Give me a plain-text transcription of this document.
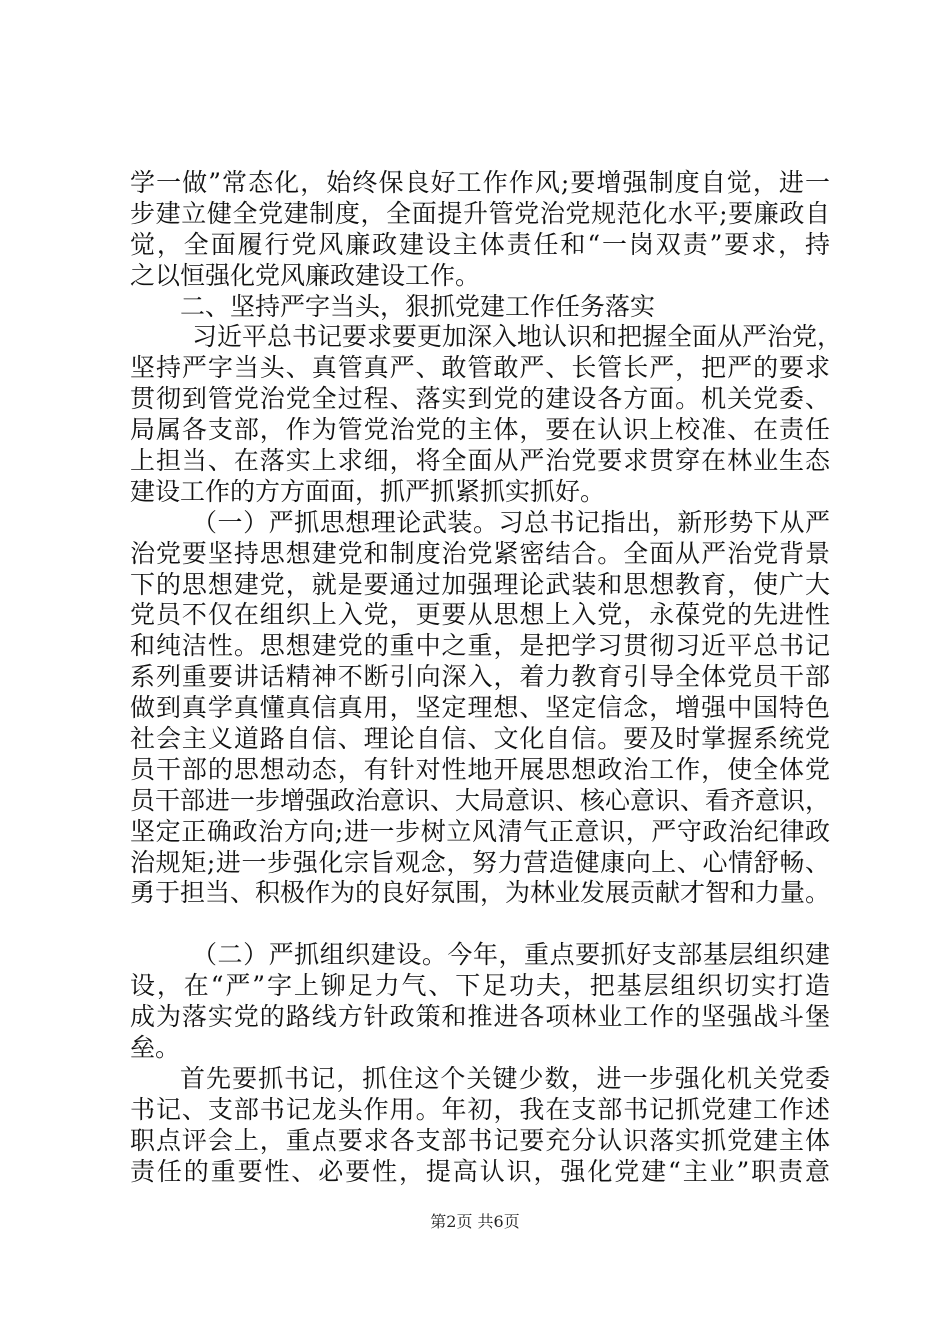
学一做”常态化，始终保良好工作作风;要增强制度自觉，进一
步建立健全党建制度，全面提升管党治党规范化水平;要廉政自
觉，全面履行党风廉政建设主体责任和“一岗双责”要求，持
之以恒强化党风廉政建设工作。
二、坚持严字当头，狠抓党建工作任务落实
习近平总书记要求要更加深入地认识和把握全面从严治党，
坚持严字当头、真管真严、敢管敢严、长管长严，把严的要求
贯彻到管党治党全过程、落实到党的建设各方面。机关党委、
局属各支部，作为管党治党的主体，要在认识上校准、在责任
上担当、在落实上求细，将全面从严治党要求贯穿在林业生态
建设工作的方方面面，抓严抓紧抓实抓好。
（一）严抓思想理论武装。习总书记指出，新形势下从严
治党要坚持思想建党和制度治党紧密结合。全面从严治党背景
下的思想建党，就是要通过加强理论武装和思想教育，使广大
党员不仅在组织上入党，更要从思想上入党，永葆党的先进性
和纯洁性。思想建党的重中之重，是把学习贯彻习近平总书记
系列重要讲话精神不断引向深入，着力教育引导全体党员干部
做到真学真懂真信真用，坚定理想、坚定信念，增强中国特色
社会主义道路自信、理论自信、文化自信。要及时掌握系统党
员干部的思想动态，有针对性地开展思想政治工作，使全体党
员干部进一步增强政治意识、大局意识、核心意识、看齐意识，
坚定正确政治方向;进一步树立风清气正意识，严守政治纪律政
治规矩;进一步强化宗旨观念，努力营造健康向上、心情舒畅、
勇于担当、积极作为的良好氛围，为林业发展贡献才智和力量。
（二）严抓组织建设。今年，重点要抓好支部基层组织建
设，在“严”字上铆足力气、下足功夫，把基层组织切实打造
成为落实党的路线方针政策和推进各项林业工作的坚强战斗堡
垒。
首先要抓书记，抓住这个关键少数，进一步强化机关党委
书记、支部书记龙头作用。年初，我在支部书记抓党建工作述
职点评会上，重点要求各支部书记要充分认识落实抓党建主体
责任的重要性、必要性，提高认识，强化党建“主业”职责意
第2页 共6页
